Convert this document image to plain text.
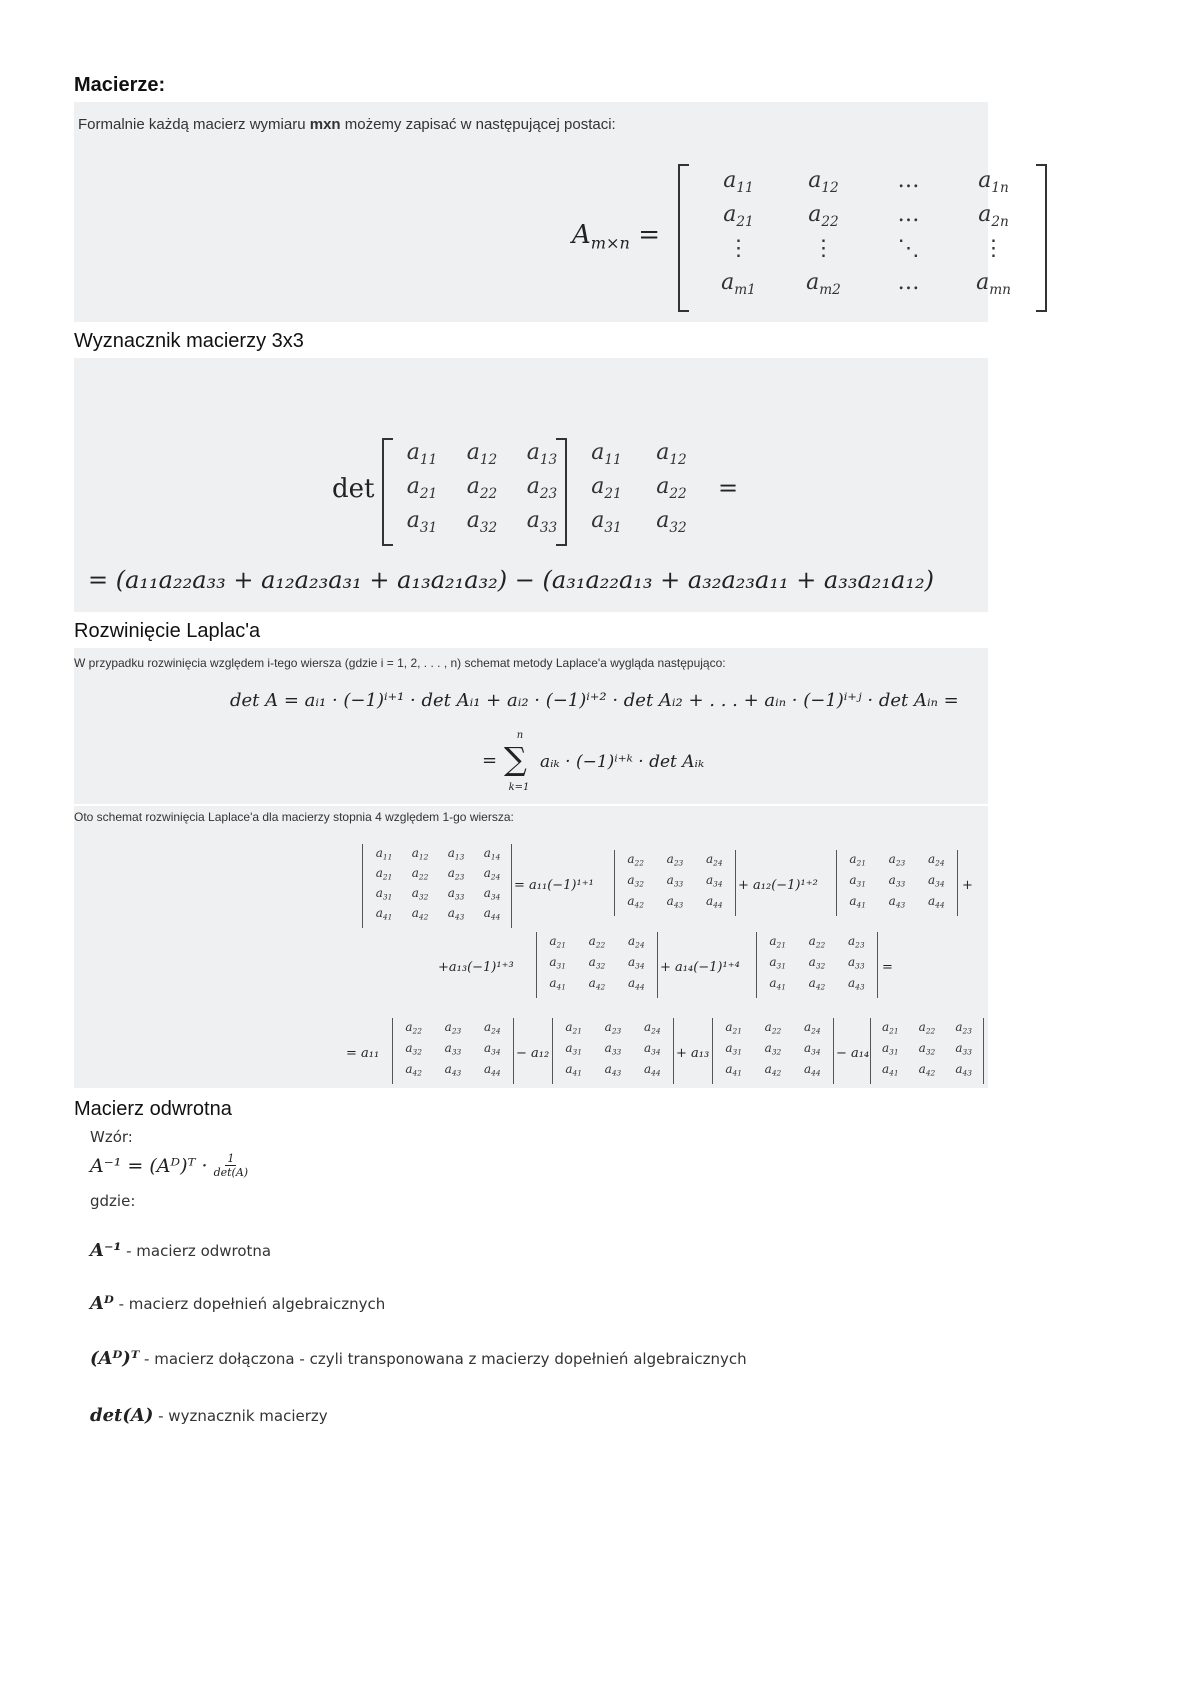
Macierze:
Formalnie każdą macierz wymiaru mxn możemy zapisać w następującej postaci:
$A_{m\times n}$ =
$a_{11}$	$a_{12}$	…	$a_{1n}$
$a_{21}$	$a_{22}$	…	$a_{2n}$
⋮	⋮	⋱	⋮
$a_{m1}$	$a_{m2}$	…	$a_{mn}$
Wyznacznik macierzy 3x3
det
$a_{11}$	$a_{12}$	$a_{13}$
$a_{21}$	$a_{22}$	$a_{23}$
$a_{31}$	$a_{32}$	$a_{33}$
$a_{11}$	$a_{12}$
$a_{21}$	$a_{22}$
$a_{31}$	$a_{32}$
=
= (a₁₁a₂₂a₃₃ + a₁₂a₂₃a₃₁ + a₁₃a₂₁a₃₂) − (a₃₁a₂₂a₁₃ + a₃₂a₂₃a₁₁ + a₃₃a₂₁a₁₂)
Rozwinięcie Laplac'a
W przypadku rozwinięcia względem i-tego wiersza (gdzie i = 1, 2, . . . , n) schemat metody Laplace'a wygląda następująco:
det A = aᵢ₁ · (−1)ⁱ⁺¹ · det Aᵢ₁ + aᵢ₂ · (−1)ⁱ⁺² · det Aᵢ₂ + . . . + aᵢₙ · (−1)ⁱ⁺ʲ · det Aᵢₙ =
=
n
∑
k=1
aᵢₖ · (−1)ⁱ⁺ᵏ · det Aᵢₖ
Oto schemat rozwinięcia Laplace'a dla macierzy stopnia 4 względem 1-go wiersza:
$a_{11}$	$a_{12}$	$a_{13}$	$a_{14}$
$a_{21}$	$a_{22}$	$a_{23}$	$a_{24}$
$a_{31}$	$a_{32}$	$a_{33}$	$a_{34}$
$a_{41}$	$a_{42}$	$a_{43}$	$a_{44}$
= a₁₁(−1)¹⁺¹
$a_{22}$	$a_{23}$	$a_{24}$
$a_{32}$	$a_{33}$	$a_{34}$
$a_{42}$	$a_{43}$	$a_{44}$
+ a₁₂(−1)¹⁺²
$a_{21}$	$a_{23}$	$a_{24}$
$a_{31}$	$a_{33}$	$a_{34}$
$a_{41}$	$a_{43}$	$a_{44}$
+
+a₁₃(−1)¹⁺³
$a_{21}$	$a_{22}$	$a_{24}$
$a_{31}$	$a_{32}$	$a_{34}$
$a_{41}$	$a_{42}$	$a_{44}$
+ a₁₄(−1)¹⁺⁴
$a_{21}$	$a_{22}$	$a_{23}$
$a_{31}$	$a_{32}$	$a_{33}$
$a_{41}$	$a_{42}$	$a_{43}$
=
= a₁₁
$a_{22}$	$a_{23}$	$a_{24}$
$a_{32}$	$a_{33}$	$a_{34}$
$a_{42}$	$a_{43}$	$a_{44}$
− a₁₂
$a_{21}$	$a_{23}$	$a_{24}$
$a_{31}$	$a_{33}$	$a_{34}$
$a_{41}$	$a_{43}$	$a_{44}$
+ a₁₃
$a_{21}$	$a_{22}$	$a_{24}$
$a_{31}$	$a_{32}$	$a_{34}$
$a_{41}$	$a_{42}$	$a_{44}$
− a₁₄
$a_{21}$	$a_{22}$	$a_{23}$
$a_{31}$	$a_{32}$	$a_{33}$
$a_{41}$	$a_{42}$	$a_{43}$
Macierz odwrotna
Wzór:
A⁻¹ = (Aᴰ)ᵀ · 1
det(A)
gdzie:
A⁻¹ - macierz odwrotna
Aᴰ - macierz dopełnień algebraicznych
(Aᴰ)ᵀ - macierz dołączona - czyli transponowana z macierzy dopełnień algebraicznych
det(A) - wyznacznik macierzy
